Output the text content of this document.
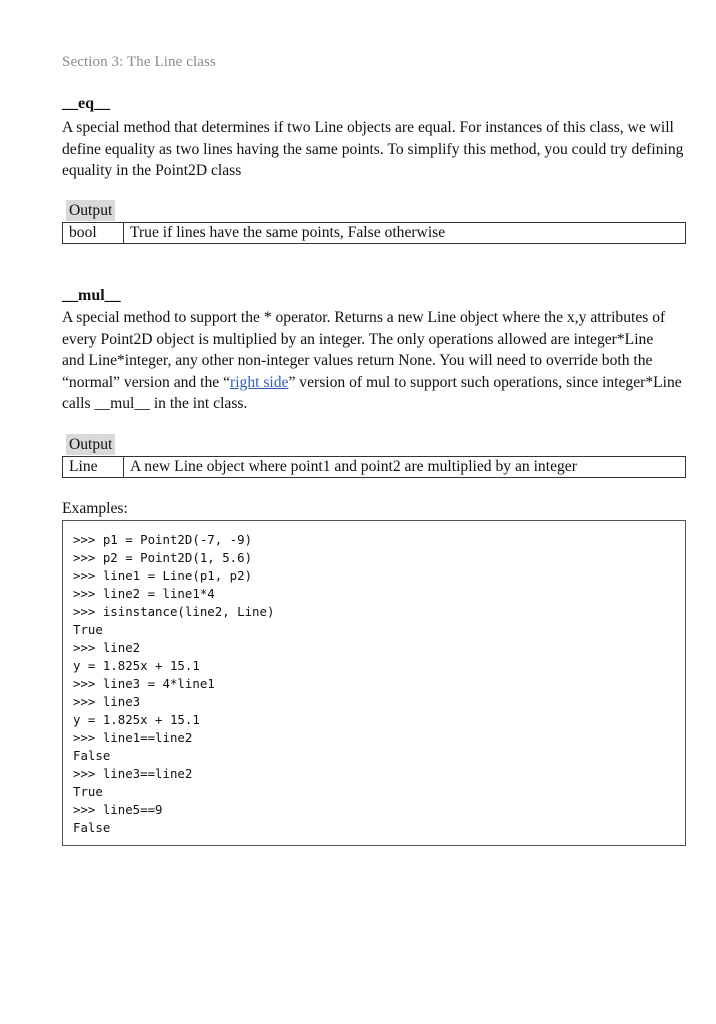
Section 3: The Line class
__eq__
A special method that determines if two Line objects are equal. For instances of this class, we will
define equality as two lines having the same points. To simplify this method, you could try defining
equality in the Point2D class
Output
bool	True if lines have the same points, False otherwise
__mul__
A special method to support the * operator. Returns a new Line object where the x,y attributes of
every Point2D object is multiplied by an integer. The only operations allowed are integer*Line
and Line*integer, any other non-integer values return None. You will need to override both the
“normal” version and the “right side” version of mul to support such operations, since integer*Line
calls __mul__ in the int class.
Output
Line	A new Line object where point1 and point2 are multiplied by an integer
Examples:
>>> p1 = Point2D(-7, -9)
>>> p2 = Point2D(1, 5.6)
>>> line1 = Line(p1, p2)
>>> line2 = line1*4
>>> isinstance(line2, Line)
True
>>> line2
y = 1.825x + 15.1
>>> line3 = 4*line1
>>> line3
y = 1.825x + 15.1
>>> line1==line2
False
>>> line3==line2
True
>>> line5==9
False
